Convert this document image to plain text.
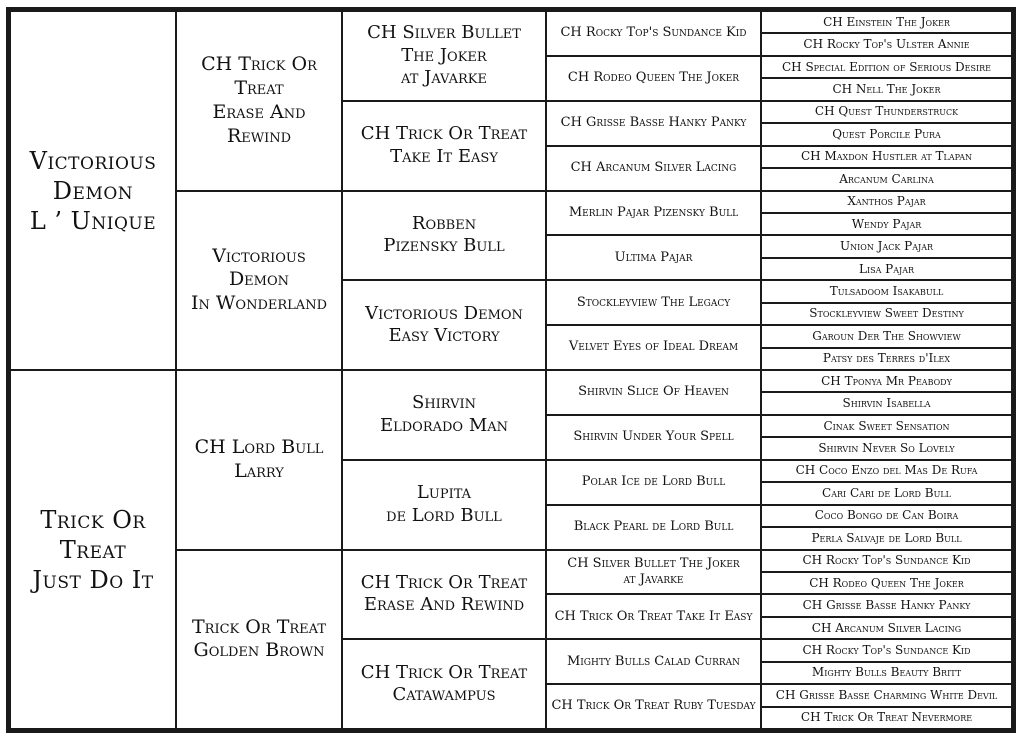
Victorious
Demon
L ’ Unique
Trick Or Treat
Just Do It
CH Trick Or Treat
Erase And Rewind
Victorious Demon
In Wonderland
CH Lord Bull
Larry
Trick Or Treat
Golden Brown
CH Silver Bullet
The Joker
at Javarke
CH Trick Or Treat
Take It Easy
Robben
Pizensky Bull
Victorious Demon
Easy Victory
Shirvin
Eldorado Man
Lupita
de Lord Bull
CH Trick Or Treat
Erase And Rewind
CH Trick Or Treat
Catawampus
CH Rocky Top's Sundance Kid
CH Rodeo Queen The Joker
CH Grisse Basse Hanky Panky
CH Arcanum Silver Lacing
Merlin Pajar Pizensky Bull
Ultima Pajar
Stockleyview The Legacy
Velvet Eyes of Ideal Dream
Shirvin Slice Of Heaven
Shirvin Under Your Spell
Polar Ice de Lord Bull
Black Pearl de Lord Bull
CH Silver Bullet The Joker
at Javarke
CH Trick Or Treat Take It Easy
Mighty Bulls Calad Curran
CH Trick Or Treat Ruby Tuesday
CH Einstein The Joker
CH Rocky Top's Ulster Annie
CH Special Edition of Serious Desire
CH Nell The Joker
CH Quest Thunderstruck
Quest Porcile Pura
CH Maxdon Hustler at Tlapan
Arcanum Carlina
Xanthos Pajar
Wendy Pajar
Union Jack Pajar
Lisa Pajar
Tulsadoom Isakabull
Stockleyview Sweet Destiny
Garoun Der The Showview
Patsy des Terres d'Ilex
CH Tponya Mr Peabody
Shirvin Isabella
Cinak Sweet Sensation
Shirvin Never So Lovely
CH Coco Enzo del Mas De Rufa
Cari Cari de Lord Bull
Coco Bongo de Can Boira
Perla Salvaje de Lord Bull
CH Rocky Top's Sundance Kid
CH Rodeo Queen The Joker
CH Grisse Basse Hanky Panky
CH Arcanum Silver Lacing
CH Rocky Top's Sundance Kid
Mighty Bulls Beauty Britt
CH Grisse Basse Charming White Devil
CH Trick Or Treat Nevermore
